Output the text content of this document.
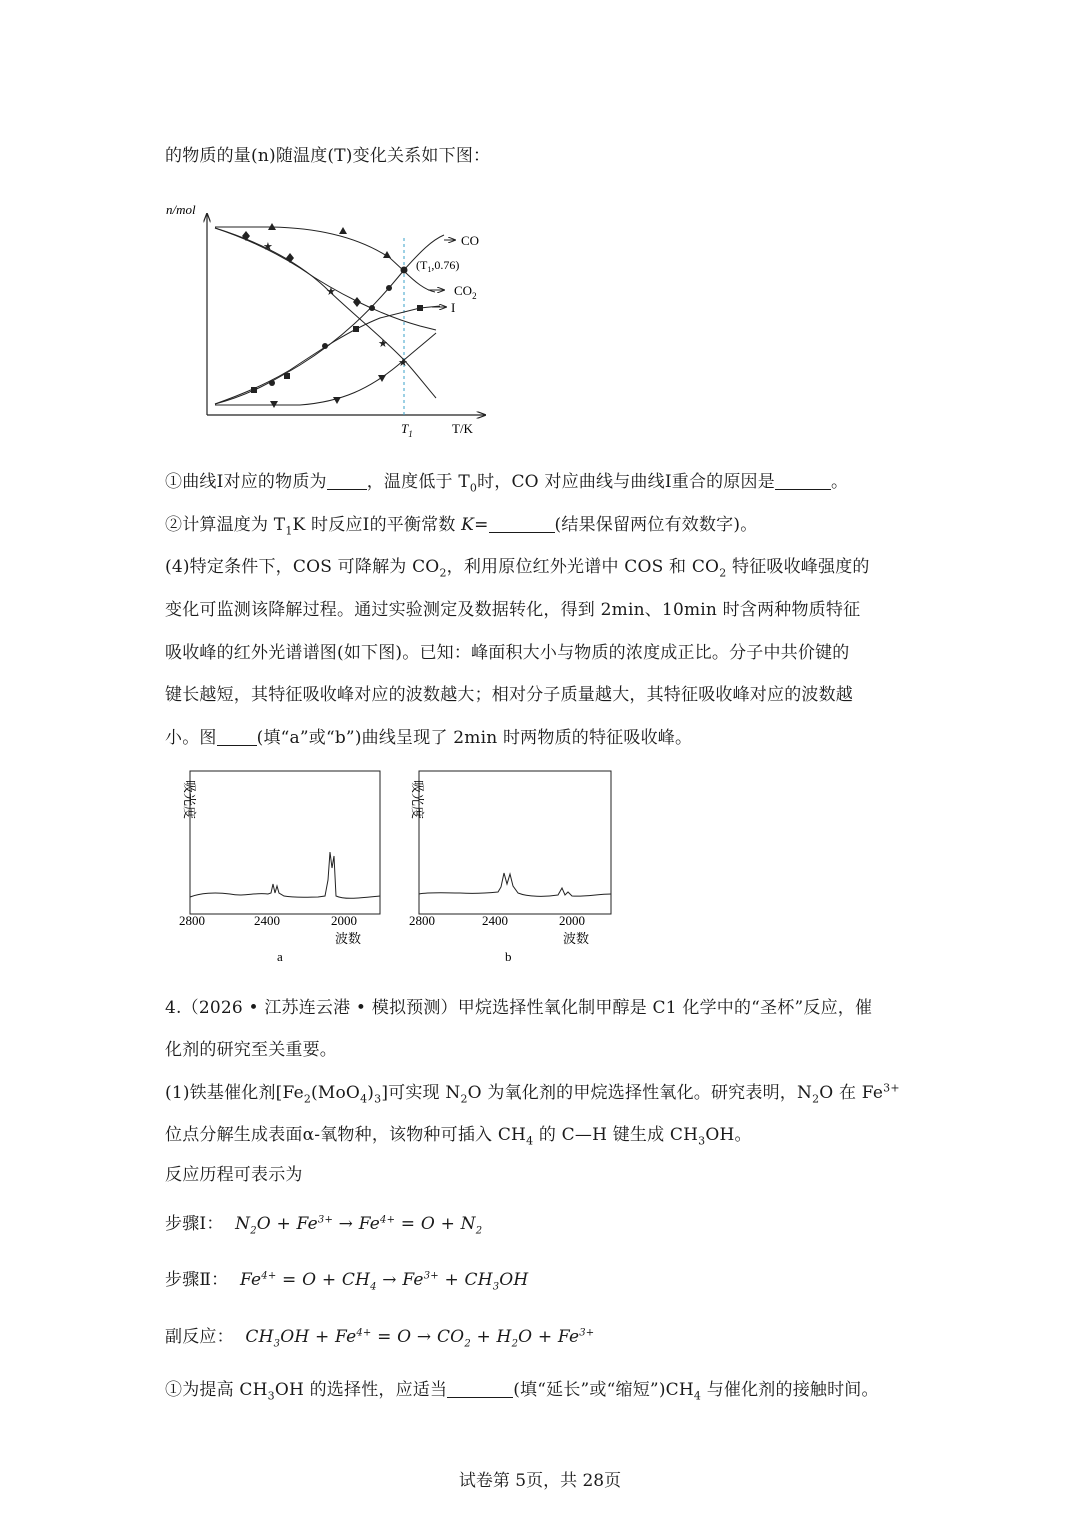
的物质的量(n)随温度(T)变化关系如下图：
n/mol
T/K
$T_1$
★
★
★
★
$(T_1,0.76)$
CO
$CO_2$
I
①曲线Ⅰ对应的物质为 ，温度低于 $T_0$时，CO 对应曲线与曲线Ⅰ重合的原因是	。
②计算温度为 $T_1K$ 时反应Ⅰ的平衡常数 K=	(结果保留两位有效数字)。
(4)特定条件下，COS 可降解为 $CO_2$，利用原位红外光谱中 COS 和 $CO_2$ 特征吸收峰强度的
变化可监测该降解过程。通过实验测定及数据转化，得到 2min、10min 时含两种物质特征
吸收峰的红外光谱谱图(如下图)。已知：峰面积大小与物质的浓度成正比。分子中共价键的
键长越短，其特征吸收峰对应的波数越大；相对分子质量越大，其特征吸收峰对应的波数越
小。图 (填“a”或“b”)曲线呈现了 2min 时两物质的特征吸收峰。
吸光度
2800	2400	2000
波数
a
吸光度
2800	2400	2000
波数
b
4.（2026 • 江苏连云港 • 模拟预测）甲烷选择性氧化制甲醇是 C1 化学中的“圣杯”反应，催
化剂的研究至关重要。
(1)铁基催化剂$[Fe_2(MoO_4)_3]$可实现 $N_2O$ 为氧化剂的甲烷选择性氧化。研究表明，$N_2O$ 在 $Fe^{3+}$
位点分解生成表面α-氧物种，该物种可插入 $CH_4$ 的 C—H 键生成 $CH_3OH$。
反应历程可表示为
步骤Ⅰ： $N_2O + Fe^{3+} \to Fe^{4+} = O + N_2$
步骤Ⅱ： $Fe^{4+} = O + CH_4 \to Fe^{3+} + CH_3OH$
副反应： $CH_3OH + Fe^{4+} = O \to CO_2 + H_2O + Fe^{3+}$
①为提高 $CH_3OH$ 的选择性，应适当	(填“延长”或“缩短$”)CH_4$ 与催化剂的接触时间。
试卷第 5页，共 28页
